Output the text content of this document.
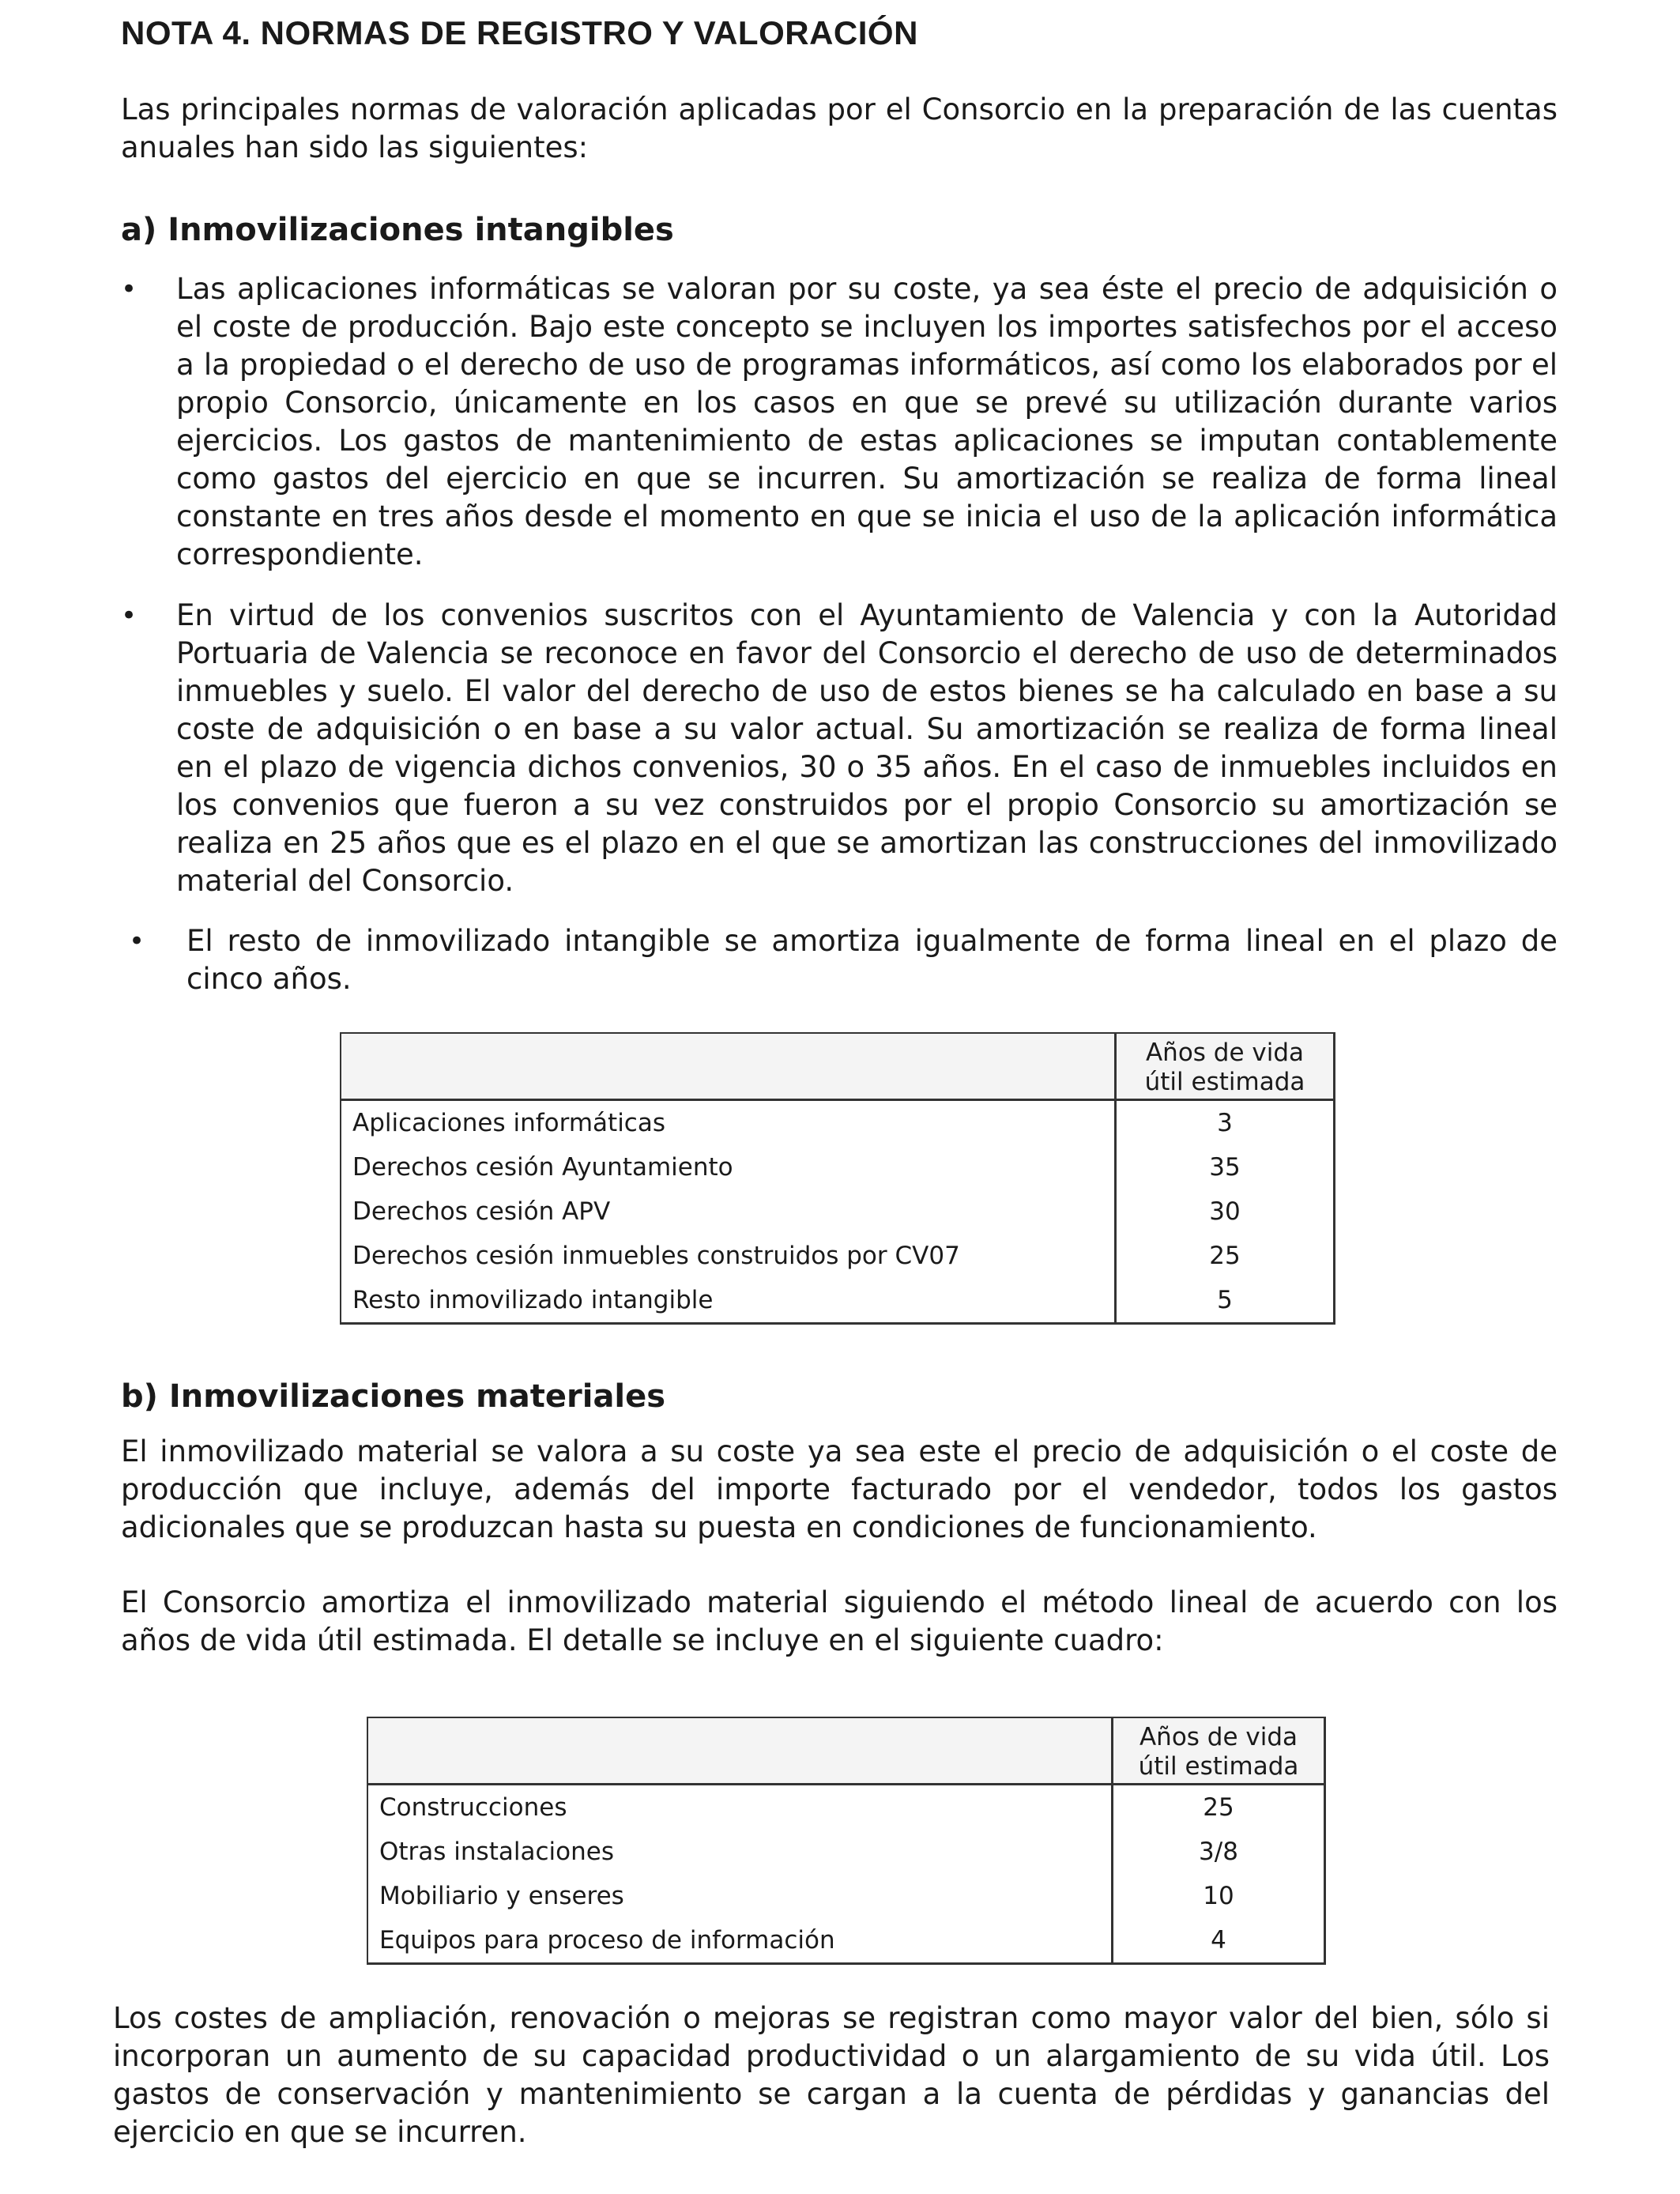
NOTA 4. NORMAS DE REGISTRO Y VALORACIÓN

Las principales normas de valoración aplicadas por el Consorcio en la preparación de las cuentas anuales han sido las siguientes:

a) Inmovilizaciones intangibles
• Las aplicaciones informáticas se valoran por su coste, ya sea éste el precio de adquisición o el coste de producción. Bajo este concepto se incluyen los importes satisfechos por el acceso a la propiedad o el derecho de uso de programas informáticos, así como los elaborados por el propio Consorcio, únicamente en los casos en que se prevé su utilización durante varios ejercicios. Los gastos de mantenimiento de estas aplicaciones se imputan contablemente como gastos del ejercicio en que se incurren. Su amortización se realiza de forma lineal constante en tres años desde el momento en que se inicia el uso de la aplicación informática correspondiente.
• En virtud de los convenios suscritos con el Ayuntamiento de Valencia y con la Autoridad Portuaria de Valencia se reconoce en favor del Consorcio el derecho de uso de determinados inmuebles y suelo. El valor del derecho de uso de estos bienes se ha calculado en base a su coste de adquisición o en base a su valor actual. Su amortización se realiza de forma lineal en el plazo de vigencia dichos convenios, 30 o 35 años. En el caso de inmuebles incluidos en los convenios que fueron a su vez construidos por el propio Consorcio su amortización se realiza en 25 años que es el plazo en el que se amortizan las construcciones del inmovilizado material del Consorcio.
• El resto de inmovilizado intangible se amortiza igualmente de forma lineal en el plazo de cinco años.

	Años de vida
útil estimada

Aplicaciones informáticas	3
Derechos cesión Ayuntamiento	35
Derechos cesión APV	30
Derechos cesión inmuebles construidos por CV07	25
Resto inmovilizado intangible	5
b) Inmovilizaciones materiales

El inmovilizado material se valora a su coste ya sea este el precio de adquisición o el coste de producción que incluye, además del importe facturado por el vendedor, todos los gastos adicionales que se produzcan hasta su puesta en condiciones de funcionamiento.

El Consorcio amortiza el inmovilizado material siguiendo el método lineal de acuerdo con los años de vida útil estimada. El detalle se incluye en el siguiente cuadro:

	Años de vida
útil estimada

Construcciones	25
Otras instalaciones	3/8
Mobiliario y enseres	10
Equipos para proceso de información	4

Los costes de ampliación, renovación o mejoras se registran como mayor valor del bien, sólo si incorporan un aumento de su capacidad productividad o un alargamiento de su vida útil. Los gastos de conservación y mantenimiento se cargan a la cuenta de pérdidas y ganancias del ejercicio en que se incurren.
